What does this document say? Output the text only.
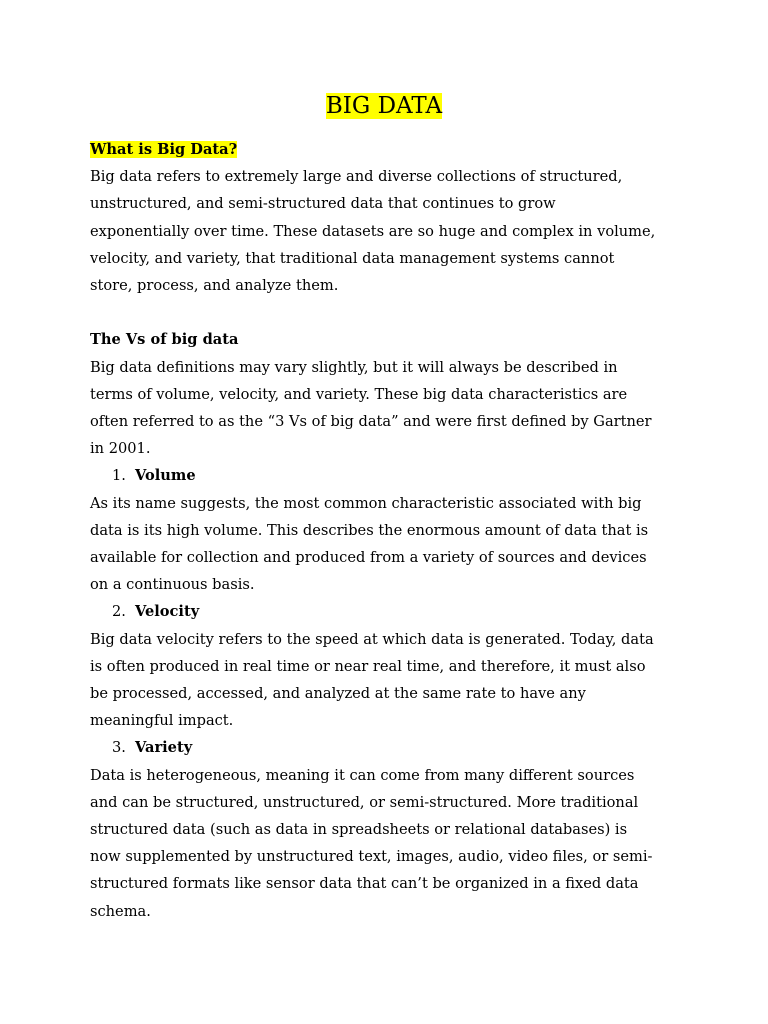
BIG DATA

What is Big Data?

Big data refers to extremely large and diverse collections of structured,

unstructured, and semi-structured data that continues to grow

exponentially over time. These datasets are so huge and complex in volume,

velocity, and variety, that traditional data management systems cannot

store, process, and analyze them.

The Vs of big data

Big data definitions may vary slightly, but it will always be described in

terms of volume, velocity, and variety. These big data characteristics are

often referred to as the “3 Vs of big data” and were first defined by Gartner

in 2001.

1. Volume

As its name suggests, the most common characteristic associated with big

data is its high volume. This describes the enormous amount of data that is

available for collection and produced from a variety of sources and devices

on a continuous basis.

2. Velocity

Big data velocity refers to the speed at which data is generated. Today, data

is often produced in real time or near real time, and therefore, it must also

be processed, accessed, and analyzed at the same rate to have any

meaningful impact.

3. Variety

Data is heterogeneous, meaning it can come from many different sources

and can be structured, unstructured, or semi-structured. More traditional

structured data (such as data in spreadsheets or relational databases) is

now supplemented by unstructured text, images, audio, video files, or semi-

structured formats like sensor data that can’t be organized in a fixed data

schema.
